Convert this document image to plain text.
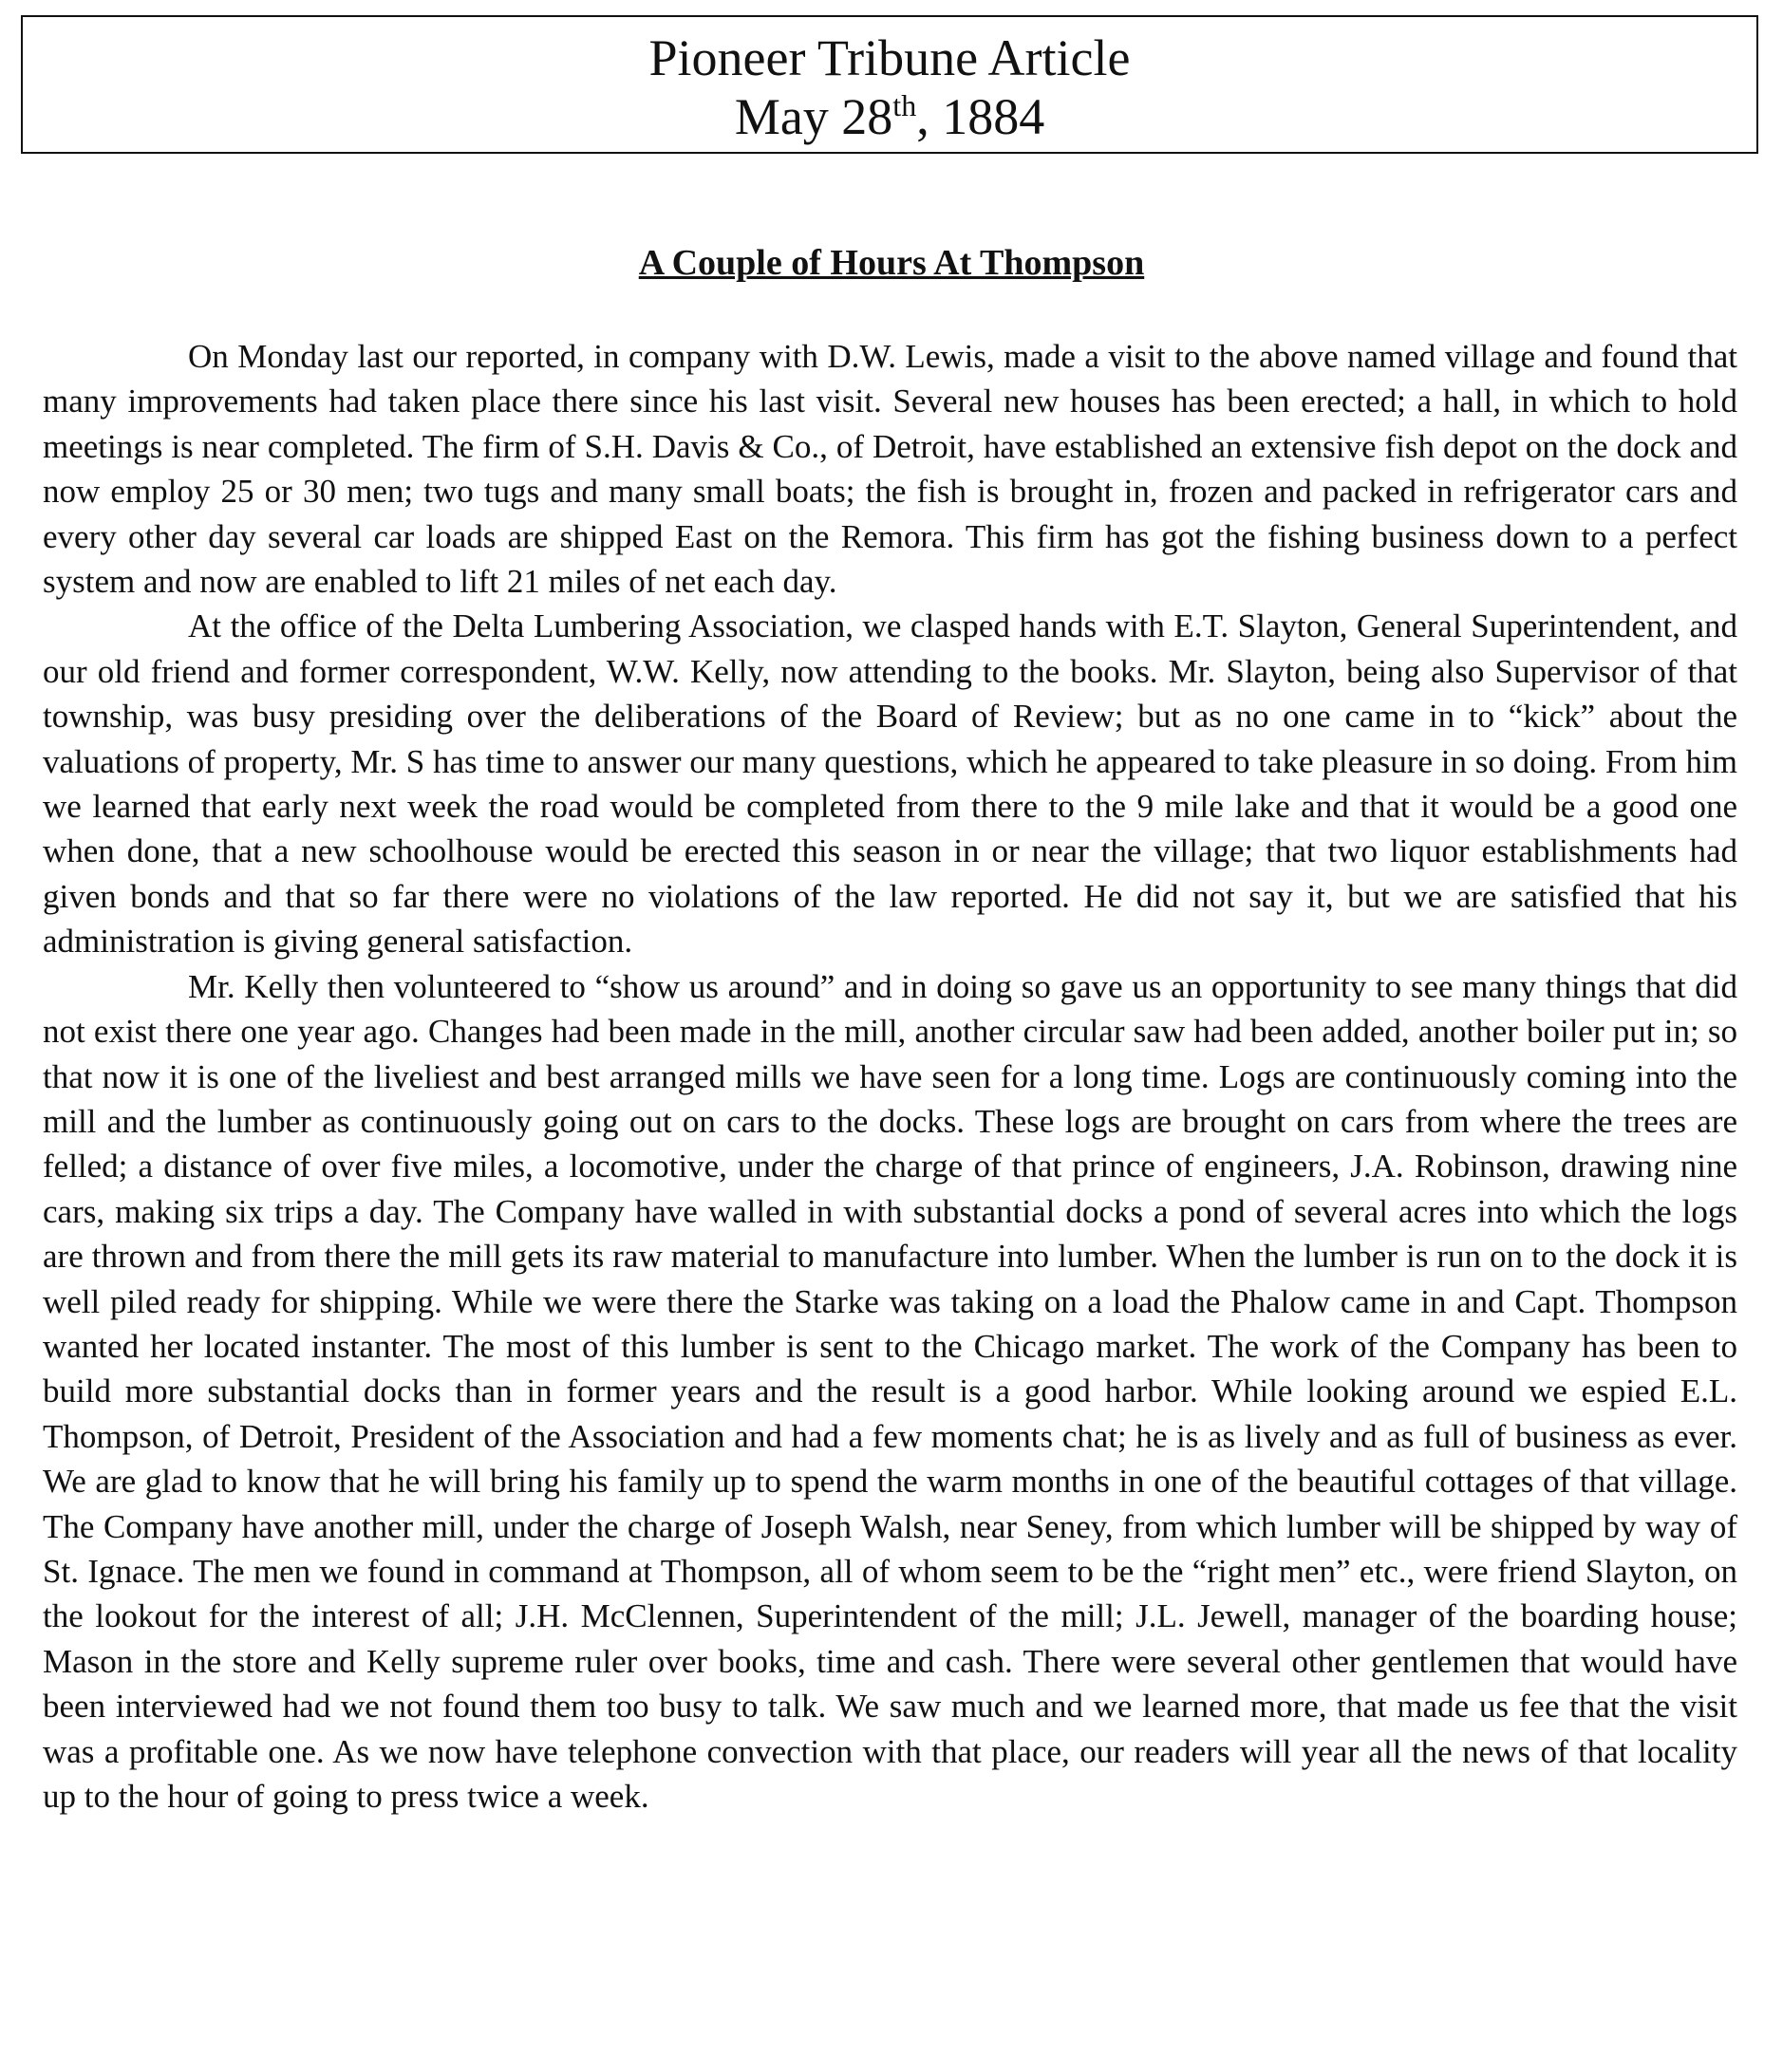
Pioneer Tribune Article

May 28th, 1884

A Couple of Hours At Thompson

On Monday last our reported, in company with D.W. Lewis, made a visit to the above named village and found that many improvements had taken place there since his last visit. Several new houses has been erected; a hall, in which to hold meetings is near completed. The firm of S.H. Davis & Co., of Detroit, have established an extensive fish depot on the dock and now employ 25 or 30 men; two tugs and many small boats; the fish is brought in, frozen and packed in refrigerator cars and every other day several car loads are shipped East on the Remora. This firm has got the fishing business down to a perfect system and now are enabled to lift 21 miles of net each day.

At the office of the Delta Lumbering Association, we clasped hands with E.T. Slayton, General Superintendent, and our old friend and former correspondent, W.W. Kelly, now attending to the books. Mr. Slayton, being also Supervisor of that township, was busy presiding over the deliberations of the Board of Review; but as no one came in to “kick” about the valuations of property, Mr. S has time to answer our many questions, which he appeared to take pleasure in so doing. From him we learned that early next week the road would be completed from there to the 9 mile lake and that it would be a good one when done, that a new schoolhouse would be erected this season in or near the village; that two liquor establishments had given bonds and that so far there were no violations of the law reported. He did not say it, but we are satisfied that his administration is giving general satisfaction.

Mr. Kelly then volunteered to “show us around” and in doing so gave us an opportunity to see many things that did not exist there one year ago. Changes had been made in the mill, another circular saw had been added, another boiler put in; so that now it is one of the liveliest and best arranged mills we have seen for a long time. Logs are continuously coming into the mill and the lumber as continuously going out on cars to the docks. These logs are brought on cars from where the trees are felled; a distance of over five miles, a locomotive, under the charge of that prince of engineers, J.A. Robinson, drawing nine cars, making six trips a day. The Company have walled in with substantial docks a pond of several acres into which the logs are thrown and from there the mill gets its raw material to manufacture into lumber. When the lumber is run on to the dock it is well piled ready for shipping. While we were there the Starke was taking on a load the Phalow came in and Capt. Thompson wanted her located instanter. The most of this lumber is sent to the Chicago market. The work of the Company has been to build more substantial docks than in former years and the result is a good harbor. While looking around we espied E.L. Thompson, of Detroit, President of the Association and had a few moments chat; he is as lively and as full of business as ever. We are glad to know that he will bring his family up to spend the warm months in one of the beautiful cottages of that village. The Company have another mill, under the charge of Joseph Walsh, near Seney, from which lumber will be shipped by way of St. Ignace. The men we found in command at Thompson, all of whom seem to be the “right men” etc., were friend Slayton, on the lookout for the interest of all; J.H. McClennen, Superintendent of the mill; J.L. Jewell, manager of the boarding house; Mason in the store and Kelly supreme ruler over books, time and cash. There were several other gentlemen that would have been interviewed had we not found them too busy to talk. We saw much and we learned more, that made us fee that the visit was a profitable one. As we now have telephone convection with that place, our readers will year all the news of that locality up to the hour of going to press twice a week.
